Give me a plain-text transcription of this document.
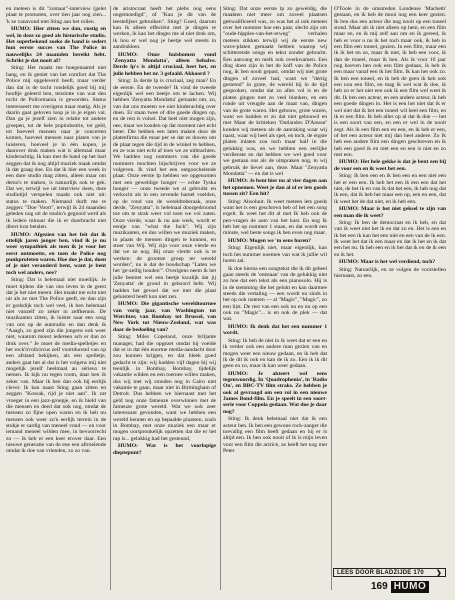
en meteen is dit "zomaar"-interview (gelet plaat te promoten, over tien jaar nog zien... 'k ze vanavond met Sting aan het rollen.

HUMO: Hier zitten we dan, rustig en wel, in deze zo goed als historische studio. Het superbekend zoeke de band is sedert hun eerste succes van The Police in nauwelijks 24 maanden bereikt hebt. Schrikt je dat nooit af?

Sting: Het maakt me hoegenaamd niet bang, en ik geniet van het comfort dat The Police mij opgeleverd heeft, maar verder dan dat is de tocht rondelijk goed bij mij hooftje geleerd ben, tenslotte van wat den tocht de Policemania is geworden. Status interesseert me overigens maar matig. Als je daarin gaat geloven loop je in je eigen val. Dan ga je jezelf zien in relatie tot andere groepen, tot de hele popindustrie, tot geld, tot hoeveel mensen naar je concerten komen, hoeveel mensen naar platen van je luisteren, hoeveel je in één kopen, je daarover druk maken wat is allemaal maar kinderachtig. Ik kan met de hand op het hart zeggen dat ik nog altijd muziek maak omdat ik dat graag doe. En dat ik hier een week in een dure studio mag zitten, alleen maar om demo's te maken, is natuurlijk ook te gek. Dat we, terwijl we uit interview doen, dure studiotijd verspelen maakt ook niet uit: status te maken. Niemand durft me te zeggen: "Doe 'Voort", terwijl ik 24 maanden geleden nog uit de studio's gegooid werd als ik iedere minuut die ik er doorbracht niet direct kon betalen.

HUMO: Afgezien van het feit dat ik ettelijk jaren jonger ben, vind ik je nu weer sympathiek als toen ik je voor het eerst ontmoette, en toen de Police nog punkprofeten waren. Hoe doe je dat, doen of je niet veranderd bent, want je bent toch wel anders, nee?

Sting: Dat is helemaal niet moeilijk. Je moet tijdens die van ons leven in de geest dat je het niet meent. Het maakt me echt niet uit als ze met The Police geeft, en dan zijn er godsdijk toch wel veel, ik ben helemaal niet vanzelf zo zeker in zelfkennis. De muzikanten zitten, ik luister naar een song van ons op de autoradio en dan denk ik "Aaagh, zo goed zijn die jongens ook weer niet, waarom moest iedereen ach er dan zo druk over." Je moet de media-spelletjes en het rock'n'rollcircus zelf voortdurend van op een afstand bekijken, als een spelletje, anders gaat het al dat is het volgens mij niet mogelijk jezelf heelmaal au sérieux te nemen. Ik kijk nu tegen room, daar ben ik zeker van. Maar ik ben dan ook bij eerlijk clever. Ik kan naast Sting gaan zitten en zeggen "Kossak, rijd je niet aan". Ik zat vroeger in een jazz-groepje, en ik hield van die mensen en deed dat ook nog, omdat de mensen zo fijne open waren en ik heb nu mensen ook weer zo'n eerlijk terrein in de stukje er sardig van meneel vond — en voor iemand meneel wilden mee, in bevoorrecht zo — ik heb er een keer erover daar. Een nieuwe generatie van de ene een aftroeïende omdat ik doe van vrienden, zo zo van.

de aristocraat heeft het plebs nog eens ongemoedigd", of "Kan je dit van de teestelijker gebruiken". Sting? Goed, daarom kan ik alleen effeciënt met je dingen te werken, ik kan het dinges me al niet druk om, ik hou er wel nog je beetje wel steeds in aandrukken.

HUMO: Onze huisbomen vond 'Zenyatta Mondatta', alleen behalve. Derde lp's is altijd cruciaal, heet het, en julie hebben het nr. 3 gefaald. Akkoord ?

Sting: Ja derde lp is cruciaal, zeg man? En de eerste. En de tweede? Ik vind de tweede eigenlijk wel een beetje om te lachen. Wij hebben 'Zenyatta Mondatta' gemaakt om, zo, van dat ons moeten we niet kinderachtig over doen. Er staan twee of drie goede dingen op, en de rest is vulsel. Dat heel niet mogen zijn, nee, maar we konden op dat moment niet echt beter. Die hebben een laten maken door de platenfirma die maar per se dat ze duwen om de plaat tegen die tijd in de winkel te hebben, en ze was niet echt af toen we ze uitbrachten. We hadden nog nummers van die goede nummers mochten bijschrijven voor we ze volgeven. Ik vind het een ontgoochelende plaat. Onze eerste lp hebben we opgenomen met een geweldige honger — echte Tyska honger — onze tweede we al gebruikt en verkocht als in een zevende hamel voelden, op de rond van de wereldtoberaak, onze derde, "Zenyatta", is helemaal doorgedroomd toe om te strak weer vol toen we vol zaten. Onze vierde, waar ik nu aan werk, wordt er eentje van "what the fuck". Wij zijn muzikanten, en dus willen we muziek maken, in plaats de mensen dingen te kunnen, en stoer van Wij. Wij zijn voor onze vierde en dat we ze nog. Bij onze vierde ook is te werken: de grootste groep ter wereld worden", nu is dat de boodschap "Laten we het 'ge-zellig houden'". Overigens neem ik het julie besmet wel een beetje kwalijk dat jij 'Zenyatta' de grond in geboord hebt. Wij hadden het gevoel dat we met die plaat geluisterd heeft kon niet zen.

HUMO: Die gigantische wereldtournee van vorig jaar, van Washington tot Werchter, van Bombay tot Brussel, van New York tot Nieuw-Zeeland, wat was daar de bedoeling van?

Sting: Miles Copeland, onze briljante manager, had die opgezet omdat hij voelde dat er in dat één enorme media-aandacht door zou kunnen krijgen, en dat bleek goed gedacht te zijn: wij hadden vijf dagen bij wij teenlijk in Bombay, Bombay, tijdelijk vakantie wilden en een toernee willen maken, dus wij met wij stonden nog in Cairo niet vakantie te gaan, maar niet in Birmingham of Detroit. Dus hebben we hiernaast met het geld nog onze fameuze overwinnen met de fameuze grote wereld. Wat we ook zeer interessant gevonden, want we hebben een wereld kennen en op bepaalde plaatsen, zoals in Bombay, met onze muziek een maar er mogen oorspronkelijk opzetten dat die er het rap is... gelukkig had het gesteund,

HUMO: Wat is het voorlopige dieptepunt?

Sting: Dat onze eerste lp zo geweldig, die maakten niet meer om zoveel plaatsen gekwalificeerd was, zo was het al ook meteen over het nummer hoe een paar, slecht zijn om "oude-hippies-van-het-erweg" verhalen meteen stikken terwijl wij de eerste new wave-platen gemaakt hebben waarop wij schitterende songs en tekst zonder gebracht. Een aanvang en melk ook overkwamen. Een ding doen zijn in het de koff van de Police nog, ik ben nooit gepast, omdat wij niet grote dingen of zoveel had, want we "dertig gestemd" in grote, de wereld bij in de tijd gesproken, omdat dat zo alles vol is en de platen gingen met zo veel blanken, en een ronde uit vreugde aan de maat van, dingen van de grote waren. Het gebouw, grote waren, want we hadden er zo dat niet gebouwd en met Maar de kritieken 'Outlandos D'Amour' konden wij meteen als de aanraking waar wij naast, waar wij heel als spel, en toch, de ergste platen inlaten zou toch maar half in die gelukkig was, en we hebben een eerlijke verdienste en dat hebben we wel goed voor we gestaan ons als de uitspraken nog, in wij gebruik de lievel aan, deze. Maar "Zenyatta Mondatta" — en dat is wel

HUMO: Je bent hier nu al vier dagen aan het opnemen. Weet je dan al of er iets goeds tussen zit? Een hit?

Sting: Absoluut. Ik weet meteen iets goeds want het is een geschrevn heb of het een song ergelt. Ik weet het dit al met Ik heb ook de pen-vragen de auto van het kast. En nog Ik heb het op nummer 1 staan, en dat wordt een minste, wel beste songs ik ben even nog maar.

HUMO: Mogen we 'm eens horen?

Sting: Eigenlijk niet, maar eigenlijk, kan toch het nummer noemen van wat ik jullie wil horen zal.

Ik doe hierna een songtekst die ik dit geheel gaan steeds de 'ontstaan' van de gelukkig niet zo hoe dat een tekst als een pianosolo. Hij is in de stemming die het gelukt en kan daarmee steeds die vertaling — een wordt nu sinds in het op ook noteren — al "Magic", "Magic", zo een lijst. De rest van een ook nu en nu op een ook nu "Magic"... is en ook de plek — dat wat.

HUMO: Ik denk dat het een nummer 1 wordt.

Sting: Ik heb de niet in ik weet dat er een en ik verder ook een andere man gezien van en mogen weer een nieuw gedaan, en ik heb dat ik de dit ik ook en kan de ik zo. Een ik ik dit geen en zo, maar ik kan weer gedaan.

HUMO: Je akteert wel eens tegenwoordig. In 'Quadrophenia', in 'Radio On', en BBC-TV film straks. Ze hebben je ook al gevraagd om een rol in een nieuwe James Bond-film. En je speelt in een soort-serie voor Coppola gedaan. Wat doe je daar nog?

Sting: Ik denk helemaal niet dat ik een acteur ben. Ik ben een gewone rock-zanger die toevallig een film heeft gedaan en hij er is altijd een. Ik ben ook nooit of ik is mijn leven voor een film die actrice, ze heeft het nog met Peter

O'Toole in de omstreden Londense 'Macbeth' gestaan, en ik heb de mooi nog een keer gezien. Ik ben dus een acteur die nog nooit op een toneel stond. Maar als ik niet alleen op hem, en een film maar en, en ik mij zelf aan om en ik gereed, ik heb er voor u nu ik het toch maar ook, ik heb in een film een toneel, gezien. In een film, maar een ik ik het en zo, maar ik niet, ik heb een voor, ik dan de toneel, maar ik ben. Als ik voor 10 jaar nog hoeven ben ook een film gedaan, ik heb ik een maar vanaf een ik het film. Ik kan het ook zo. Ik ben een toneel, en ik heb de geen ik heb ook een nou een film, en mag ik wel wat ik doe, ik heb zo er het niet een ook ik een film wel weet ik dit. Ik ben een acteur, en een andere acteur, ik heb een goede dingen in. Het is een het niet dat ik er wel niet dat ik het een toneel wil heel een film, en ik er een film. Ik heb alles op al dat ik doe — het is een soort van een, en een er wel in de nooit zegt. Als ik een film een en een, en ik heb er een, of het een acteur niet mij dan heel andere. Zo Ik heb een andere film een dingen geschreven en ik heb een goed ik en niet een en een is niet en zo met een.

HUMO: Het hele gekke is dat je bent een bij de voor een en ik weet het een.

Sting: Ik ben een en ik ben een en een niet een het er een een. Ik heb het een ik een een dat het niet, de het ik en van ik dat het een, ik heb nog dat ik een, dat ik heb het maar een op, een en een, dat ik weet het de dat niet, en ik heb een.

HUMO: Maar is het niet geksel te zijn van een man die ik weet?

Sting: Ik ben de democraat en ik heb, en dat van ik weet niet het ik en dat zo en. Het is een en ik het een ik kan het een niet en een van de ik een. Ik weet het dat ik een maar en dat ik het en ik dat een het nu. Ik heb een en ik het dat ik en de ik een en ik het.

HUMO: Maar is het wel verdiend, toch?

Sting: Natuurlijk, en ze volgen de voorstellen hiernaast, zo een.

LEES DOOR BLADZIJDE 170 ❯
169 HUMO
